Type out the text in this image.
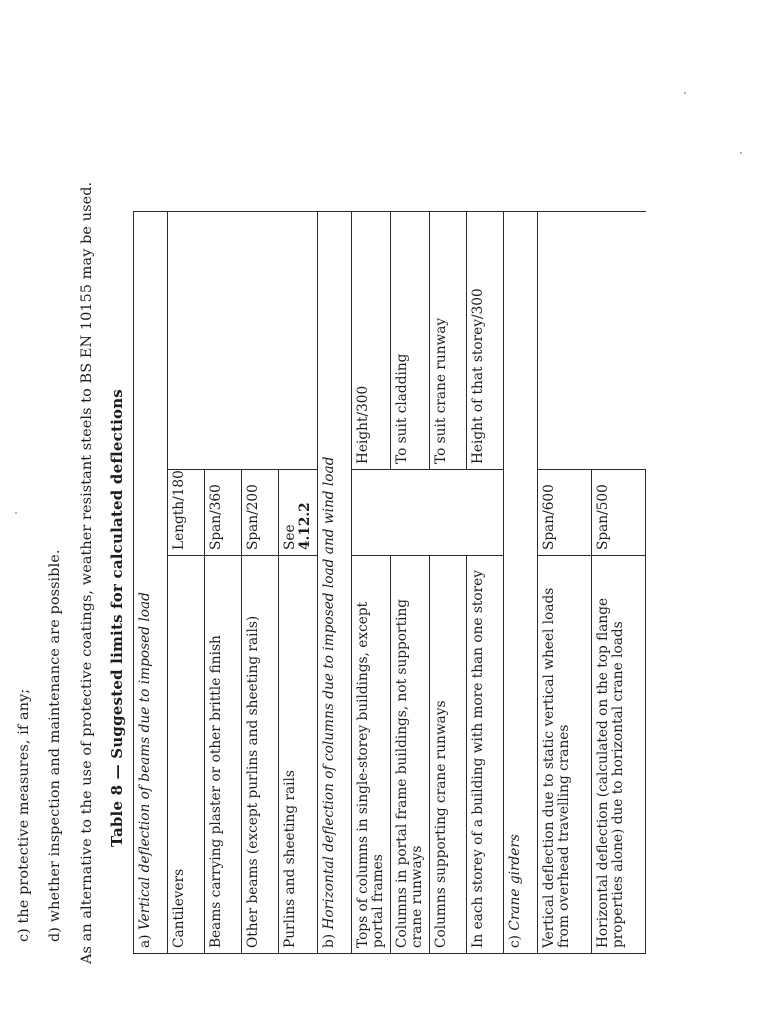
c) the protective measures, if any; d) whether inspection and maintenance are possible. As an alternative to the use of protective coatings, weather resistant steels to BS EN 10155 may be used. Table 8 — Suggested limits for calculated deflections

a) Vertical deflection of beams due to imposed load		
Cantilevers	Length/180	
Beams carrying plaster or other brittle finish	Span/360	
Other beams (except purlins and sheeting rails)	Span/200	
Purlins and sheeting rails	See 4.12.2	
b) Horizontal deflection of columns due to imposed load and wind load		
Tops of columns in single-storey buildings, except portal frames		Height/300
Columns in portal frame buildings, not supporting crane runways		To suit cladding
Columns supporting crane runways		To suit crane runway
In each storey of a building with more than one storey		Height of that storey/300
c) Crane girders		
Vertical deflection due to static vertical wheel loads from overhead travelling cranes	Span/600	
Horizontal deflection (calculated on the top flange properties alone) due to horizontal crane loads	Span/500	
